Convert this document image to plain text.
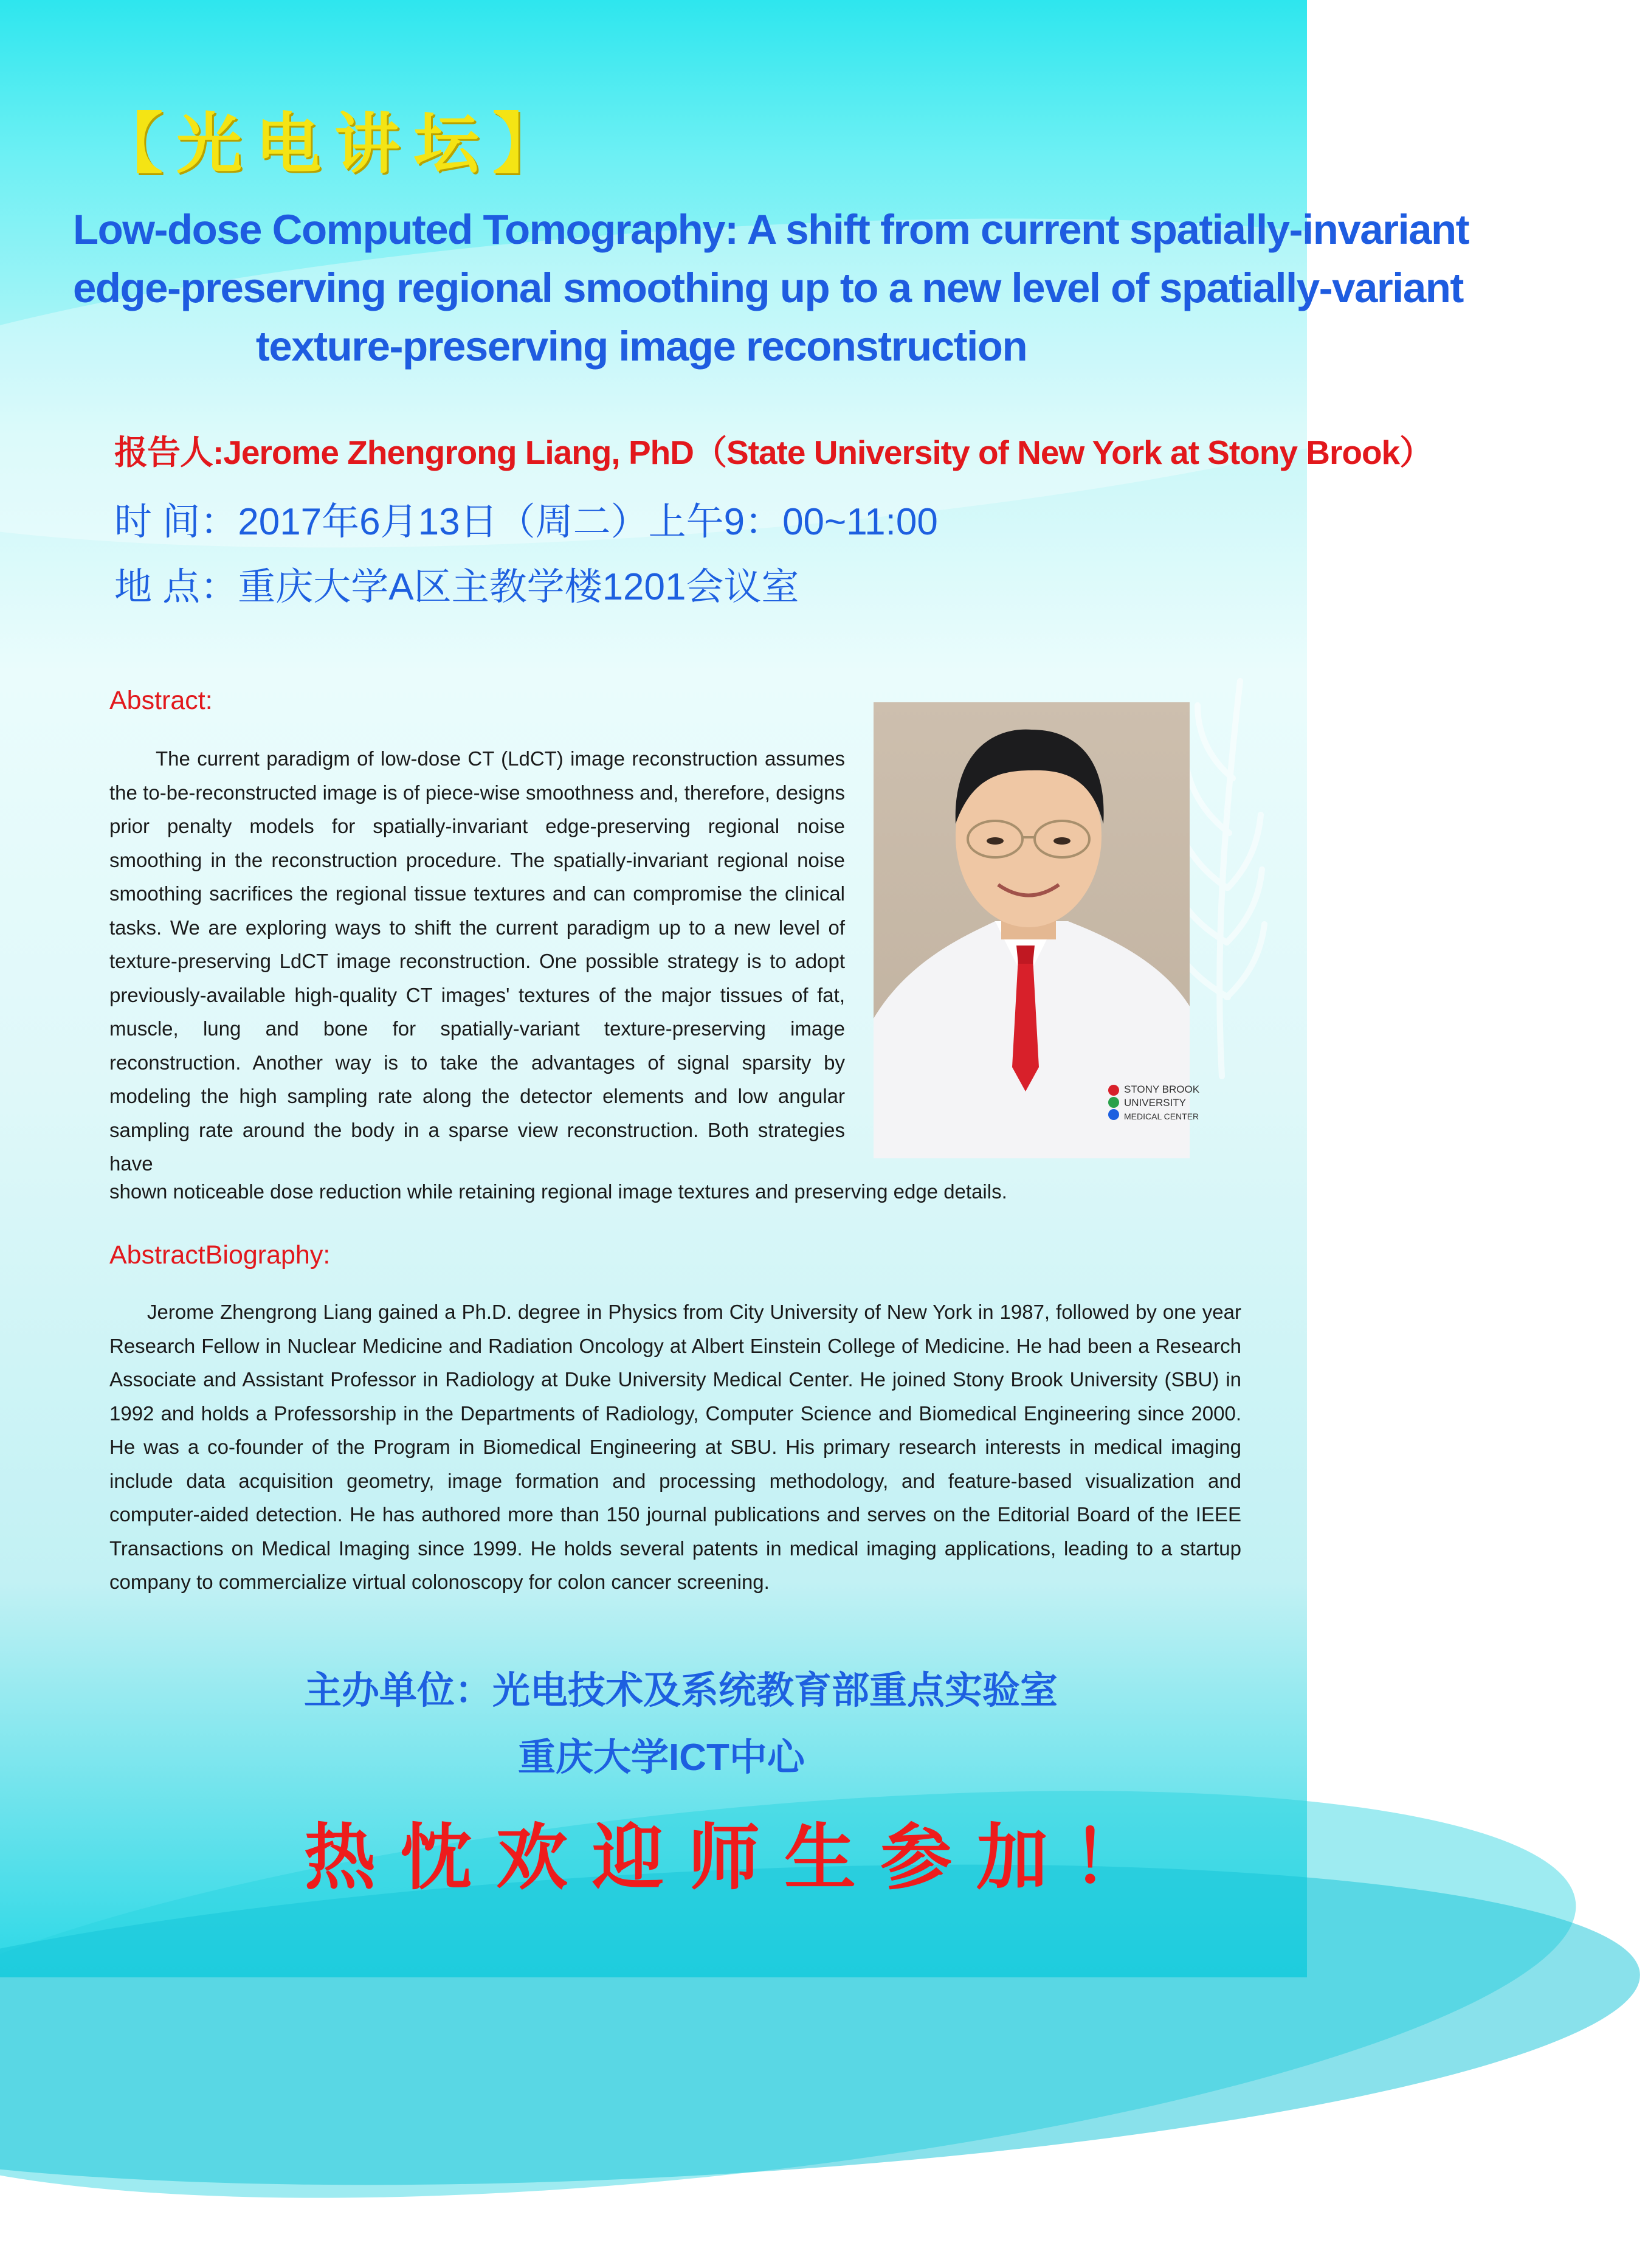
【光电讲坛】
Low-dose Computed Tomography: A shift from current spatially-invariant
edge-preserving regional smoothing up to a new level of spatially-variant
texture-preserving image reconstruction
报告人:Jerome Zhengrong Liang, PhD（State University of New York at Stony Brook）
时 间：2017年6月13日（周二）上午9：00~11:00
地 点：重庆大学A区主教学楼1201会议室
Abstract:
The current paradigm of low-dose CT (LdCT) image reconstruction assumes the to-be-reconstructed image is of piece-wise smoothness and, therefore, designs prior penalty models for spatially-invariant edge-preserving regional noise smoothing in the reconstruction procedure. The spatially-invariant regional noise smoothing sacrifices the regional tissue textures and can compromise the clinical tasks. We are exploring ways to shift the current paradigm up to a new level of texture-preserving LdCT image reconstruction. One possible strategy is to adopt previously-available high-quality CT images' textures of the major tissues of fat, muscle, lung and bone for spatially-variant texture-preserving image reconstruction. Another way is to take the advantages of signal sparsity by modeling the high sampling rate along the detector elements and low angular sampling rate around the body in a sparse view reconstruction. Both strategies have
shown noticeable dose reduction while retaining regional image textures and preserving edge details.
STONY BROOK
UNIVERSITY
MEDICAL CENTER
AbstractBiography:
Jerome Zhengrong Liang gained a Ph.D. degree in Physics from City University of New York in 1987, followed by one year Research Fellow in Nuclear Medicine and Radiation Oncology at Albert Einstein College of Medicine. He had been a Research Associate and Assistant Professor in Radiology at Duke University Medical Center. He joined Stony Brook University (SBU) in 1992 and holds a Professorship in the Departments of Radiology, Computer Science and Biomedical Engineering since 2000. He was a co-founder of the Program in Biomedical Engineering at SBU. His primary research interests in medical imaging include data acquisition geometry, image formation and processing methodology, and feature-based visualization and computer-aided detection. He has authored more than 150 journal publications and serves on the Editorial Board of the IEEE Transactions on Medical Imaging since 1999. He holds several patents in medical imaging applications, leading to a startup company to commercialize virtual colonoscopy for colon cancer screening.
主办单位：光电技术及系统教育部重点实验室
重庆大学ICT中心
热忱欢迎师生参加！
